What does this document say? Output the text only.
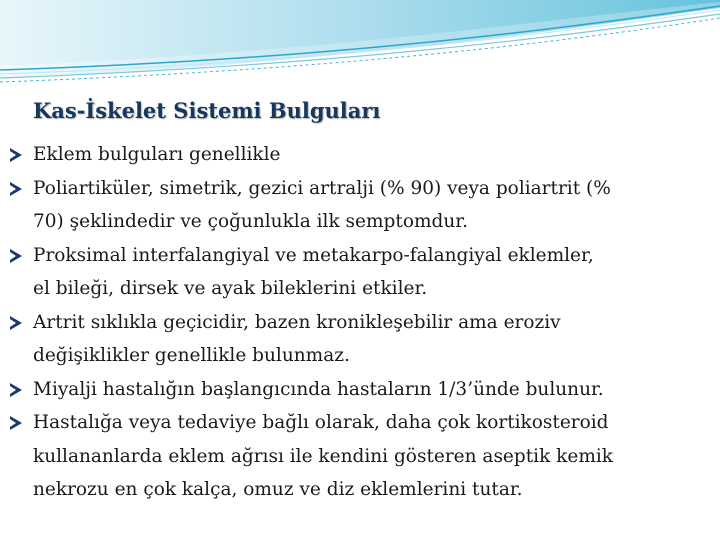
Kas-İskelet Sistemi Bulguları
Eklem bulguları genellikle
Poliartiküler, simetrik, gezici artralji (% 90) veya poliartrit (%
70) şeklindedir ve çoğunlukla ilk semptomdur.
Proksimal interfalangiyal ve metakarpo-falangiyal eklemler,
el bileği, dirsek ve ayak bileklerini etkiler.
Artrit sıklıkla geçicidir, bazen kronikleşebilir ama eroziv
değişiklikler genellikle bulunmaz.
Miyalji hastalığın başlangıcında hastaların 1/3’ünde bulunur.
Hastalığa veya tedaviye bağlı olarak, daha çok kortikosteroid
kullananlarda eklem ağrısı ile kendini gösteren aseptik kemik
nekrozu en çok kalça, omuz ve diz eklemlerini tutar.
